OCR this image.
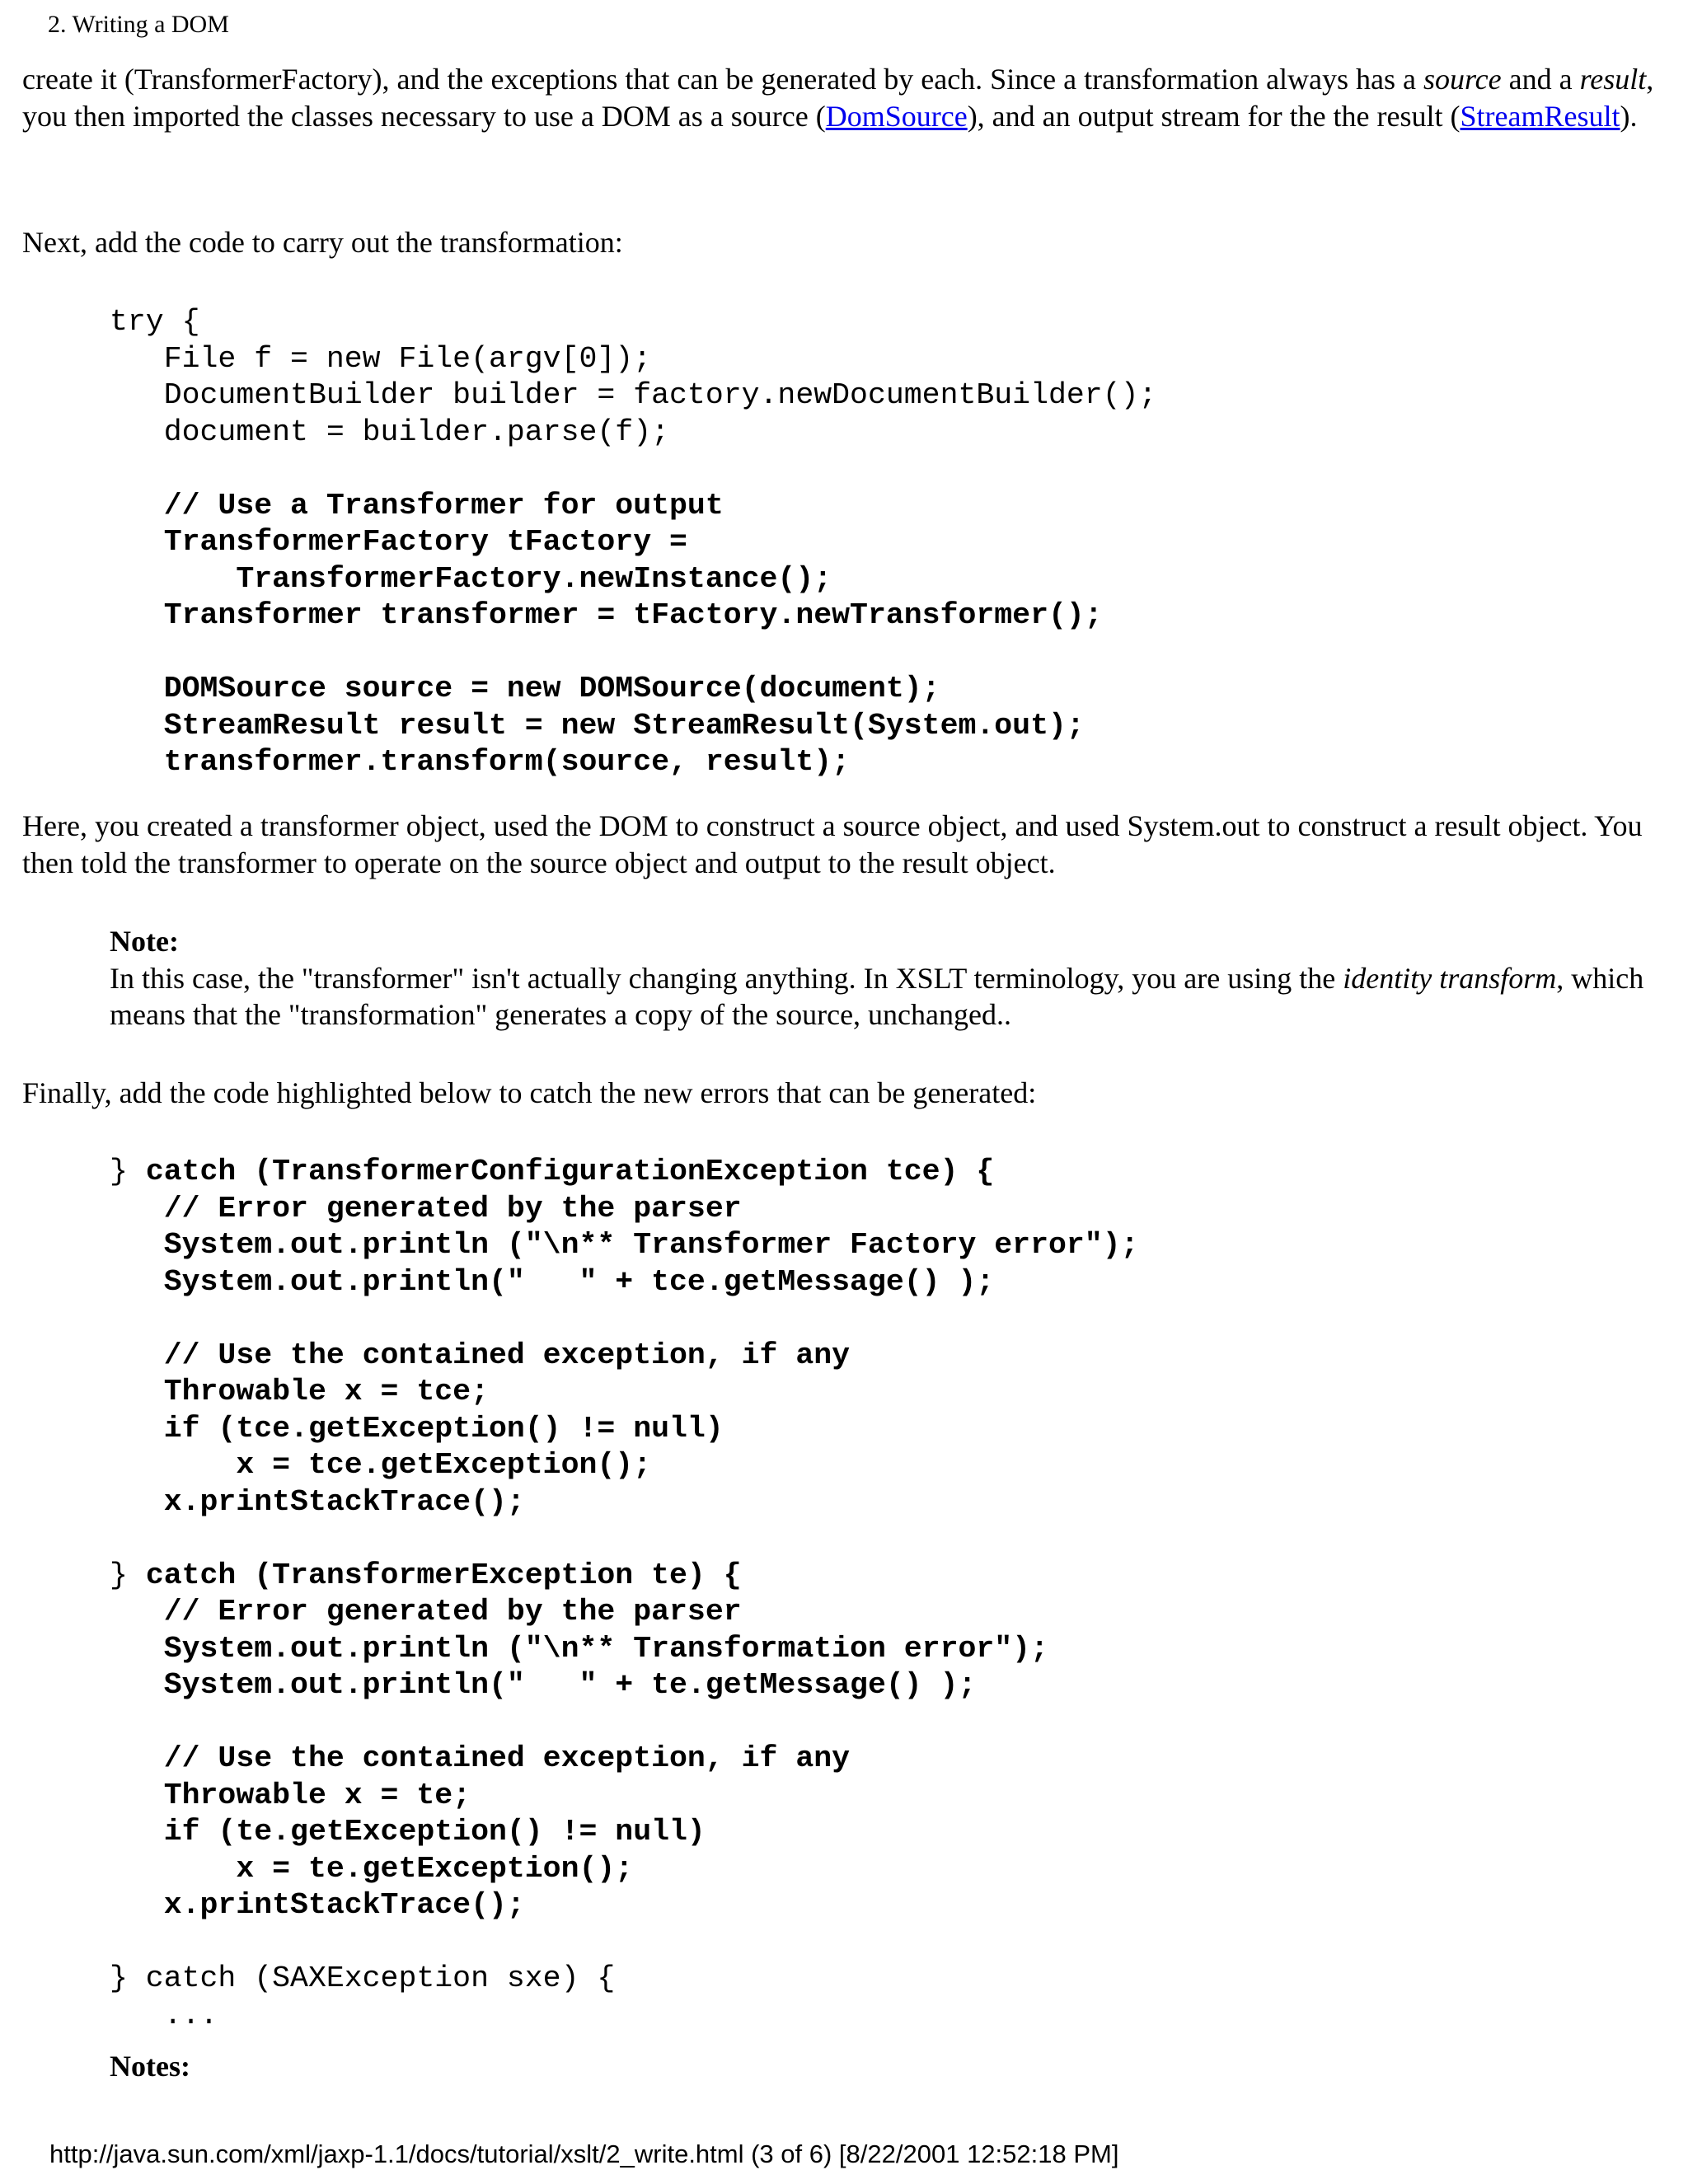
2. Writing a DOM

create it (TransformerFactory), and the exceptions that can be generated by each. Since a transformation always has a source and a result, you then imported the classes necessary to use a DOM as a source (DomSource), and an output stream for the the result (StreamResult).

Next, add the code to carry out the transformation:

try {
File f = new File(argv[0]);
DocumentBuilder builder = factory.newDocumentBuilder();
document = builder.parse(f);
// Use a Transformer for output
TransformerFactory tFactory =
TransformerFactory.newInstance();
Transformer transformer = tFactory.newTransformer();
DOMSource source = new DOMSource(document);
StreamResult result = new StreamResult(System.out);
transformer.transform(source, result);

Here, you created a transformer object, used the DOM to construct a source object, and used System.out to construct a result object. You then told the transformer to operate on the source object and output to the result object.

Note:

In this case, the "transformer" isn't actually changing anything. In XSLT terminology, you are using the identity transform, which means that the "transformation" generates a copy of the source, unchanged..

Finally, add the code highlighted below to catch the new errors that can be generated:

} catch (TransformerConfigurationException tce) {
// Error generated by the parser
System.out.println ("\n** Transformer Factory error");
System.out.println("   " + tce.getMessage() );
// Use the contained exception, if any
Throwable x = tce;
if (tce.getException() != null)
x = tce.getException();
x.printStackTrace();
} catch (TransformerException te) {
// Error generated by the parser
System.out.println ("\n** Transformation error");
System.out.println("   " + te.getMessage() );
// Use the contained exception, if any
Throwable x = te;
if (te.getException() != null)
x = te.getException();
x.printStackTrace();
} catch (SAXException sxe) {
...
Notes:
http://java.sun.com/xml/jaxp-1.1/docs/tutorial/xslt/2_write.html (3 of 6) [8/22/2001 12:52:18 PM]
